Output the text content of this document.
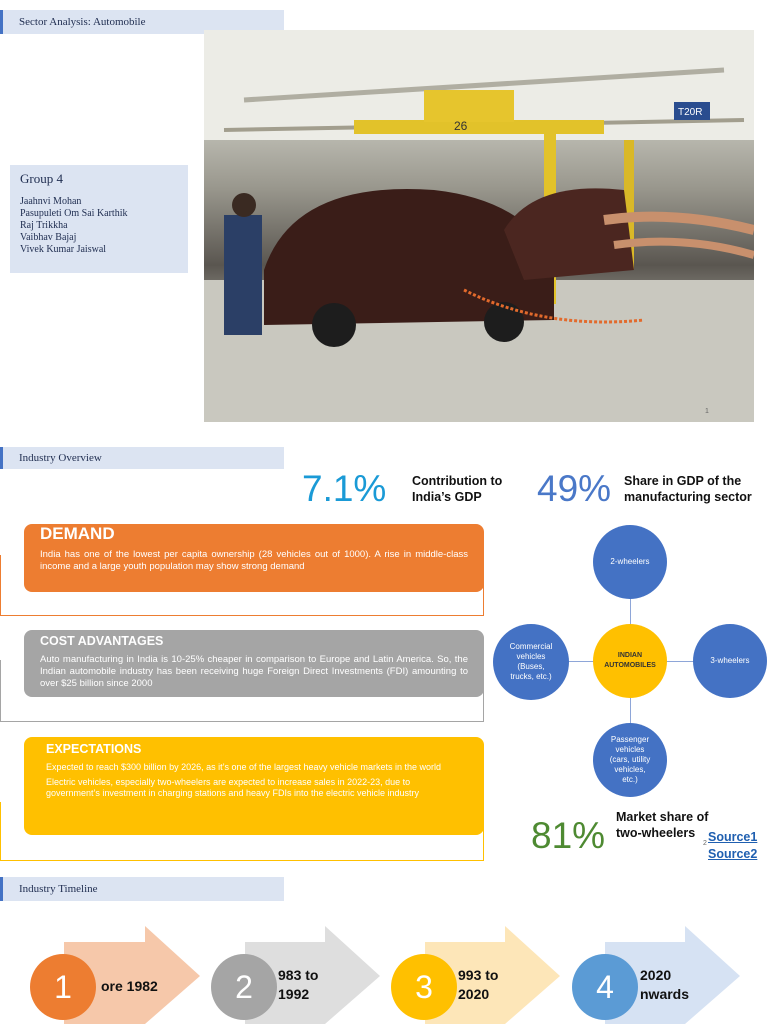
Sector Analysis: Automobile
Group 4
Jaahnvi Mohan
Pasupuleti Om Sai Karthik
Raj Trikkha
Vaibhav Bajaj
Vivek Kumar Jaiswal
26
T20R
1
Industry Overview
7.1% Contribution to
India’s GDP	49% Share in GDP of the
manufacturing sector
DEMAND

India has one of the lowest per capita ownership (28 vehicles out of 1000). A rise in middle-class income and a large youth population may show strong demand

COST ADVANTAGES

Auto manufacturing in India is 10-25% cheaper in comparison to Europe and Latin America. So, the Indian automobile industry has been receiving huge Foreign Direct Investments (FDI) amounting to over $25 billion since 2000

EXPECTATIONS

Expected to reach $300 billion by 2026, as it’s one of the largest heavy vehicle markets in the world

Electric vehicles, especially two-wheelers are expected to increase sales in 2022-23, due to government’s investment in charging stations and heavy FDIs into the electric vehicle industry

2-wheelers
Commercial
vehicles
(Buses,
trucks, etc.)
INDIAN
AUTOMOBILES
3-wheelers
Passenger
vehicles
(cars, utility
vehicles,
etc.)
81% Market share of
two-wheelers
2 Source1
Source2
Industry Timeline
1 ore 1982 2 983 to
1992	3 993 to
2020	4 2020
nwards
